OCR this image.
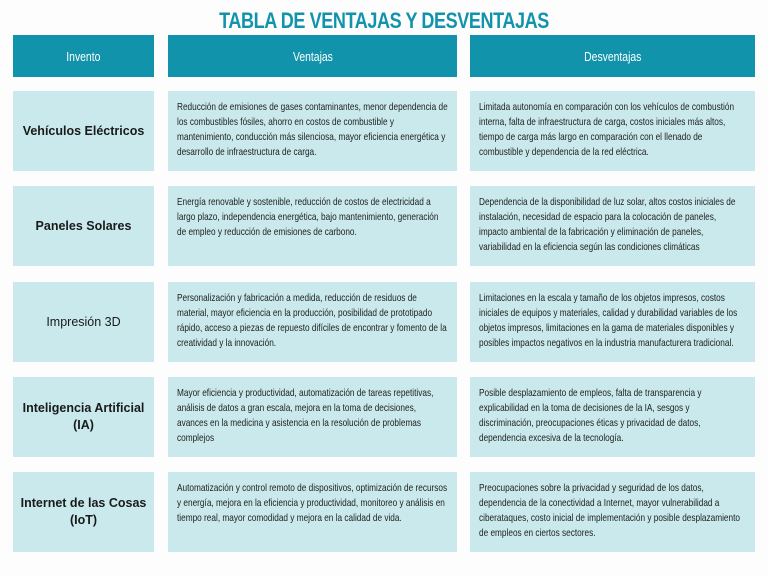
TABLA DE VENTAJAS Y DESVENTAJAS
Invento	Ventajas	Desventajas
Vehículos Eléctricos
Reducción de emisiones de gases contaminantes, menor dependencia de los combustibles fósiles, ahorro en costos de combustible y mantenimiento, conducción más silenciosa, mayor eficiencia energética y desarrollo de infraestructura de carga.
Limitada autonomía en comparación con los vehículos de combustión interna, falta de infraestructura de carga, costos iniciales más altos, tiempo de carga más largo en comparación con el llenado de combustible y dependencia de la red eléctrica.
Paneles Solares
Energía renovable y sostenible, reducción de costos de electricidad a largo plazo, independencia energética, bajo mantenimiento, generación de empleo y reducción de emisiones de carbono.
Dependencia de la disponibilidad de luz solar, altos costos iniciales de instalación, necesidad de espacio para la colocación de paneles, impacto ambiental de la fabricación y eliminación de paneles, variabilidad en la eficiencia según las condiciones climáticas
Impresión 3D
Personalización y fabricación a medida, reducción de residuos de material, mayor eficiencia en la producción, posibilidad de prototipado rápido, acceso a piezas de repuesto difíciles de encontrar y fomento de la creatividad y la innovación.
Limitaciones en la escala y tamaño de los objetos impresos, costos iniciales de equipos y materiales, calidad y durabilidad variables de los objetos impresos, limitaciones en la gama de materiales disponibles y posibles impactos negativos en la industria manufacturera tradicional.
Inteligencia Artificial (IA)
Mayor eficiencia y productividad, automatización de tareas repetitivas, análisis de datos a gran escala, mejora en la toma de decisiones, avances en la medicina y asistencia en la resolución de problemas complejos
Posible desplazamiento de empleos, falta de transparencia y explicabilidad en la toma de decisiones de la IA, sesgos y discriminación, preocupaciones éticas y privacidad de datos, dependencia excesiva de la tecnología.
Internet de las Cosas (IoT)
Automatización y control remoto de dispositivos, optimización de recursos y energía, mejora en la eficiencia y productividad, monitoreo y análisis en tiempo real, mayor comodidad y mejora en la calidad de vida.
Preocupaciones sobre la privacidad y seguridad de los datos, dependencia de la conectividad a Internet, mayor vulnerabilidad a ciberataques, costo inicial de implementación y posible desplazamiento de empleos en ciertos sectores.
